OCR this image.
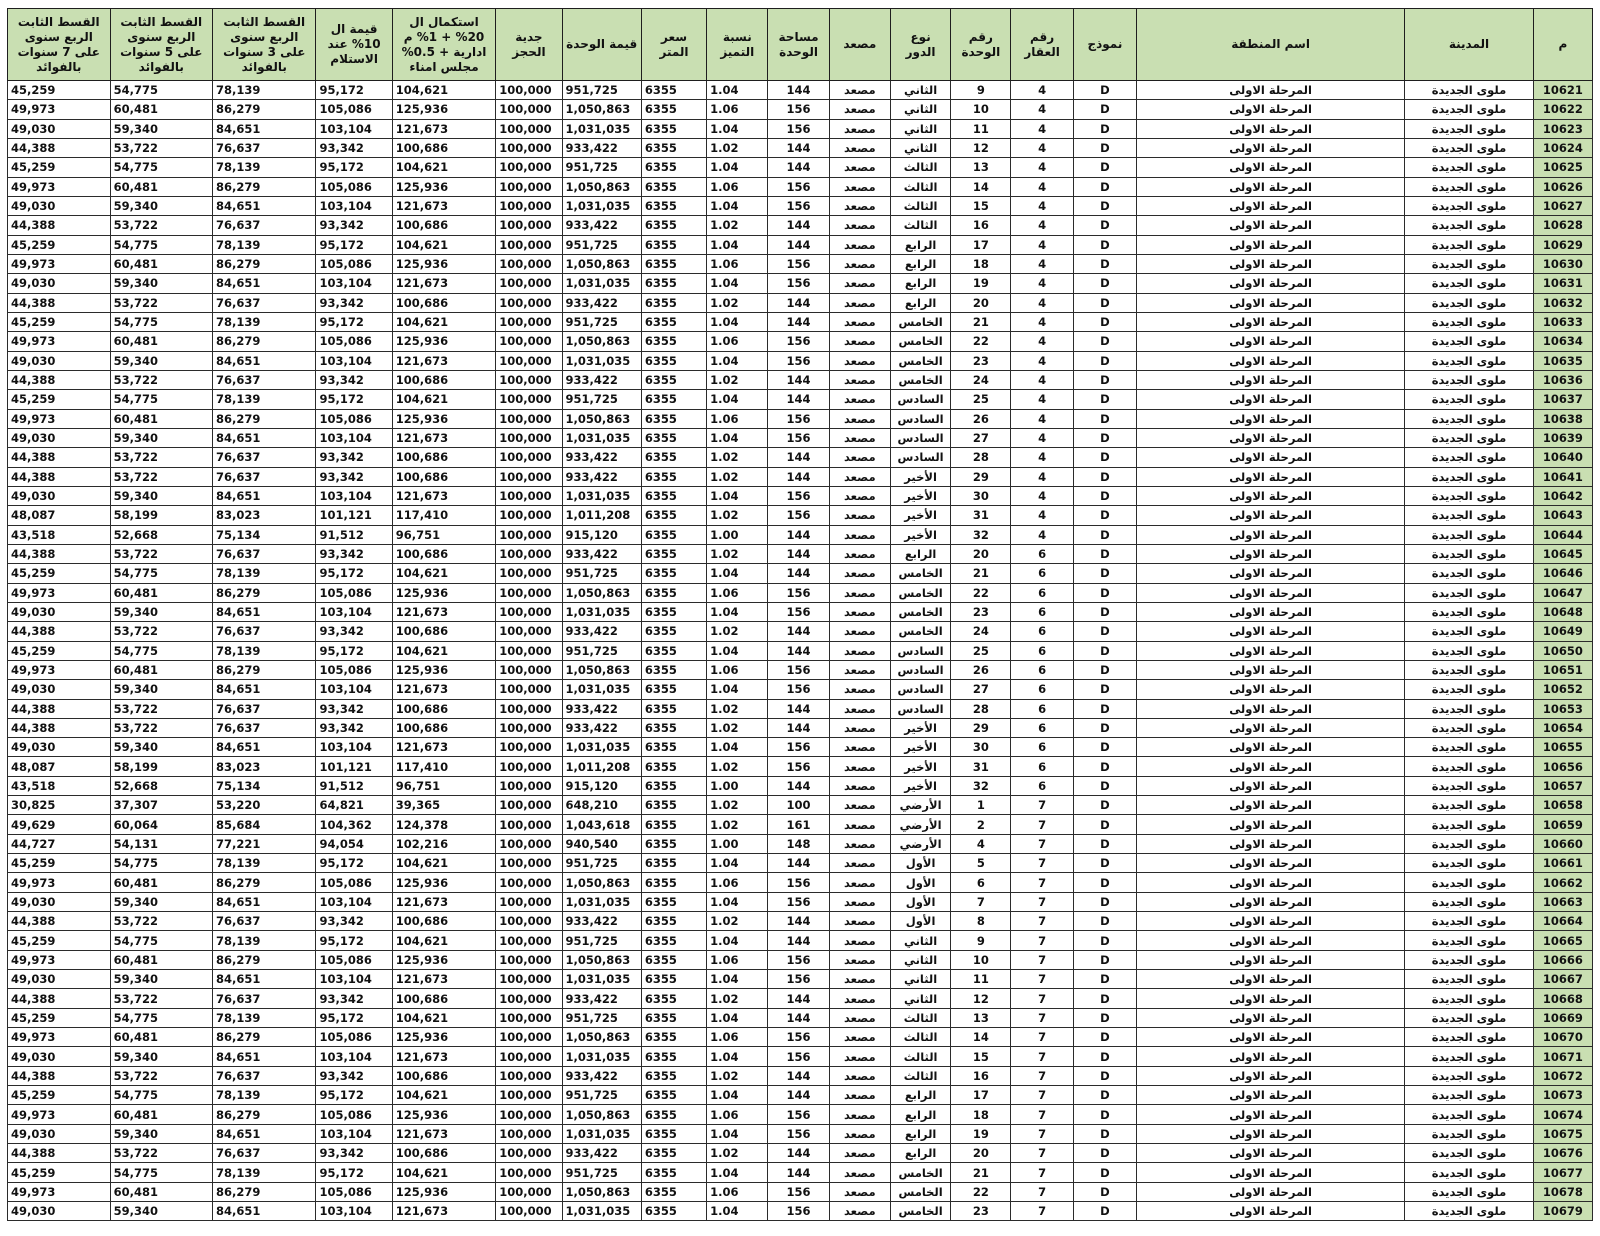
م	المدينة	اسم المنطقة	نموذج	رقم العقار	رقم الوحدة	نوع الدور	مصعد	مساحة الوحدة	نسبة التميز	سعر المتر	قيمة الوحدة	جدية الحجز	استكمال ال 20% + 1% م ادارية + 0.5% مجلس امناء	قيمة ال 10% عند الاستلام	القسط الثابت الربع سنوى على 3 سنوات بالفوائد	القسط الثابت الربع سنوى على 5 سنوات بالفوائد	القسط الثابت الربع سنوى على 7 سنوات بالفوائد
10621	ملوى الجديدة	المرحلة الاولى	D	4	9	الثاني	مصعد	144	1.04	6355	951,725	100,000	104,621	95,172	78,139	54,775	45,259
10622	ملوى الجديدة	المرحلة الاولى	D	4	10	الثاني	مصعد	156	1.06	6355	1,050,863	100,000	125,936	105,086	86,279	60,481	49,973
10623	ملوى الجديدة	المرحلة الاولى	D	4	11	الثاني	مصعد	156	1.04	6355	1,031,035	100,000	121,673	103,104	84,651	59,340	49,030
10624	ملوى الجديدة	المرحلة الاولى	D	4	12	الثاني	مصعد	144	1.02	6355	933,422	100,000	100,686	93,342	76,637	53,722	44,388
10625	ملوى الجديدة	المرحلة الاولى	D	4	13	الثالث	مصعد	144	1.04	6355	951,725	100,000	104,621	95,172	78,139	54,775	45,259
10626	ملوى الجديدة	المرحلة الاولى	D	4	14	الثالث	مصعد	156	1.06	6355	1,050,863	100,000	125,936	105,086	86,279	60,481	49,973
10627	ملوى الجديدة	المرحلة الاولى	D	4	15	الثالث	مصعد	156	1.04	6355	1,031,035	100,000	121,673	103,104	84,651	59,340	49,030
10628	ملوى الجديدة	المرحلة الاولى	D	4	16	الثالث	مصعد	144	1.02	6355	933,422	100,000	100,686	93,342	76,637	53,722	44,388
10629	ملوى الجديدة	المرحلة الاولى	D	4	17	الرابع	مصعد	144	1.04	6355	951,725	100,000	104,621	95,172	78,139	54,775	45,259
10630	ملوى الجديدة	المرحلة الاولى	D	4	18	الرابع	مصعد	156	1.06	6355	1,050,863	100,000	125,936	105,086	86,279	60,481	49,973
10631	ملوى الجديدة	المرحلة الاولى	D	4	19	الرابع	مصعد	156	1.04	6355	1,031,035	100,000	121,673	103,104	84,651	59,340	49,030
10632	ملوى الجديدة	المرحلة الاولى	D	4	20	الرابع	مصعد	144	1.02	6355	933,422	100,000	100,686	93,342	76,637	53,722	44,388
10633	ملوى الجديدة	المرحلة الاولى	D	4	21	الخامس	مصعد	144	1.04	6355	951,725	100,000	104,621	95,172	78,139	54,775	45,259
10634	ملوى الجديدة	المرحلة الاولى	D	4	22	الخامس	مصعد	156	1.06	6355	1,050,863	100,000	125,936	105,086	86,279	60,481	49,973
10635	ملوى الجديدة	المرحلة الاولى	D	4	23	الخامس	مصعد	156	1.04	6355	1,031,035	100,000	121,673	103,104	84,651	59,340	49,030
10636	ملوى الجديدة	المرحلة الاولى	D	4	24	الخامس	مصعد	144	1.02	6355	933,422	100,000	100,686	93,342	76,637	53,722	44,388
10637	ملوى الجديدة	المرحلة الاولى	D	4	25	السادس	مصعد	144	1.04	6355	951,725	100,000	104,621	95,172	78,139	54,775	45,259
10638	ملوى الجديدة	المرحلة الاولى	D	4	26	السادس	مصعد	156	1.06	6355	1,050,863	100,000	125,936	105,086	86,279	60,481	49,973
10639	ملوى الجديدة	المرحلة الاولى	D	4	27	السادس	مصعد	156	1.04	6355	1,031,035	100,000	121,673	103,104	84,651	59,340	49,030
10640	ملوى الجديدة	المرحلة الاولى	D	4	28	السادس	مصعد	144	1.02	6355	933,422	100,000	100,686	93,342	76,637	53,722	44,388
10641	ملوى الجديدة	المرحلة الاولى	D	4	29	الأخير	مصعد	144	1.02	6355	933,422	100,000	100,686	93,342	76,637	53,722	44,388
10642	ملوى الجديدة	المرحلة الاولى	D	4	30	الأخير	مصعد	156	1.04	6355	1,031,035	100,000	121,673	103,104	84,651	59,340	49,030
10643	ملوى الجديدة	المرحلة الاولى	D	4	31	الأخير	مصعد	156	1.02	6355	1,011,208	100,000	117,410	101,121	83,023	58,199	48,087
10644	ملوى الجديدة	المرحلة الاولى	D	4	32	الأخير	مصعد	144	1.00	6355	915,120	100,000	96,751	91,512	75,134	52,668	43,518
10645	ملوى الجديدة	المرحلة الاولى	D	6	20	الرابع	مصعد	144	1.02	6355	933,422	100,000	100,686	93,342	76,637	53,722	44,388
10646	ملوى الجديدة	المرحلة الاولى	D	6	21	الخامس	مصعد	144	1.04	6355	951,725	100,000	104,621	95,172	78,139	54,775	45,259
10647	ملوى الجديدة	المرحلة الاولى	D	6	22	الخامس	مصعد	156	1.06	6355	1,050,863	100,000	125,936	105,086	86,279	60,481	49,973
10648	ملوى الجديدة	المرحلة الاولى	D	6	23	الخامس	مصعد	156	1.04	6355	1,031,035	100,000	121,673	103,104	84,651	59,340	49,030
10649	ملوى الجديدة	المرحلة الاولى	D	6	24	الخامس	مصعد	144	1.02	6355	933,422	100,000	100,686	93,342	76,637	53,722	44,388
10650	ملوى الجديدة	المرحلة الاولى	D	6	25	السادس	مصعد	144	1.04	6355	951,725	100,000	104,621	95,172	78,139	54,775	45,259
10651	ملوى الجديدة	المرحلة الاولى	D	6	26	السادس	مصعد	156	1.06	6355	1,050,863	100,000	125,936	105,086	86,279	60,481	49,973
10652	ملوى الجديدة	المرحلة الاولى	D	6	27	السادس	مصعد	156	1.04	6355	1,031,035	100,000	121,673	103,104	84,651	59,340	49,030
10653	ملوى الجديدة	المرحلة الاولى	D	6	28	السادس	مصعد	144	1.02	6355	933,422	100,000	100,686	93,342	76,637	53,722	44,388
10654	ملوى الجديدة	المرحلة الاولى	D	6	29	الأخير	مصعد	144	1.02	6355	933,422	100,000	100,686	93,342	76,637	53,722	44,388
10655	ملوى الجديدة	المرحلة الاولى	D	6	30	الأخير	مصعد	156	1.04	6355	1,031,035	100,000	121,673	103,104	84,651	59,340	49,030
10656	ملوى الجديدة	المرحلة الاولى	D	6	31	الأخير	مصعد	156	1.02	6355	1,011,208	100,000	117,410	101,121	83,023	58,199	48,087
10657	ملوى الجديدة	المرحلة الاولى	D	6	32	الأخير	مصعد	144	1.00	6355	915,120	100,000	96,751	91,512	75,134	52,668	43,518
10658	ملوى الجديدة	المرحلة الاولى	D	7	1	الأرضي	مصعد	100	1.02	6355	648,210	100,000	39,365	64,821	53,220	37,307	30,825
10659	ملوى الجديدة	المرحلة الاولى	D	7	2	الأرضي	مصعد	161	1.02	6355	1,043,618	100,000	124,378	104,362	85,684	60,064	49,629
10660	ملوى الجديدة	المرحلة الاولى	D	7	4	الأرضي	مصعد	148	1.00	6355	940,540	100,000	102,216	94,054	77,221	54,131	44,727
10661	ملوى الجديدة	المرحلة الاولى	D	7	5	الأول	مصعد	144	1.04	6355	951,725	100,000	104,621	95,172	78,139	54,775	45,259
10662	ملوى الجديدة	المرحلة الاولى	D	7	6	الأول	مصعد	156	1.06	6355	1,050,863	100,000	125,936	105,086	86,279	60,481	49,973
10663	ملوى الجديدة	المرحلة الاولى	D	7	7	الأول	مصعد	156	1.04	6355	1,031,035	100,000	121,673	103,104	84,651	59,340	49,030
10664	ملوى الجديدة	المرحلة الاولى	D	7	8	الأول	مصعد	144	1.02	6355	933,422	100,000	100,686	93,342	76,637	53,722	44,388
10665	ملوى الجديدة	المرحلة الاولى	D	7	9	الثاني	مصعد	144	1.04	6355	951,725	100,000	104,621	95,172	78,139	54,775	45,259
10666	ملوى الجديدة	المرحلة الاولى	D	7	10	الثاني	مصعد	156	1.06	6355	1,050,863	100,000	125,936	105,086	86,279	60,481	49,973
10667	ملوى الجديدة	المرحلة الاولى	D	7	11	الثاني	مصعد	156	1.04	6355	1,031,035	100,000	121,673	103,104	84,651	59,340	49,030
10668	ملوى الجديدة	المرحلة الاولى	D	7	12	الثاني	مصعد	144	1.02	6355	933,422	100,000	100,686	93,342	76,637	53,722	44,388
10669	ملوى الجديدة	المرحلة الاولى	D	7	13	الثالث	مصعد	144	1.04	6355	951,725	100,000	104,621	95,172	78,139	54,775	45,259
10670	ملوى الجديدة	المرحلة الاولى	D	7	14	الثالث	مصعد	156	1.06	6355	1,050,863	100,000	125,936	105,086	86,279	60,481	49,973
10671	ملوى الجديدة	المرحلة الاولى	D	7	15	الثالث	مصعد	156	1.04	6355	1,031,035	100,000	121,673	103,104	84,651	59,340	49,030
10672	ملوى الجديدة	المرحلة الاولى	D	7	16	الثالث	مصعد	144	1.02	6355	933,422	100,000	100,686	93,342	76,637	53,722	44,388
10673	ملوى الجديدة	المرحلة الاولى	D	7	17	الرابع	مصعد	144	1.04	6355	951,725	100,000	104,621	95,172	78,139	54,775	45,259
10674	ملوى الجديدة	المرحلة الاولى	D	7	18	الرابع	مصعد	156	1.06	6355	1,050,863	100,000	125,936	105,086	86,279	60,481	49,973
10675	ملوى الجديدة	المرحلة الاولى	D	7	19	الرابع	مصعد	156	1.04	6355	1,031,035	100,000	121,673	103,104	84,651	59,340	49,030
10676	ملوى الجديدة	المرحلة الاولى	D	7	20	الرابع	مصعد	144	1.02	6355	933,422	100,000	100,686	93,342	76,637	53,722	44,388
10677	ملوى الجديدة	المرحلة الاولى	D	7	21	الخامس	مصعد	144	1.04	6355	951,725	100,000	104,621	95,172	78,139	54,775	45,259
10678	ملوى الجديدة	المرحلة الاولى	D	7	22	الخامس	مصعد	156	1.06	6355	1,050,863	100,000	125,936	105,086	86,279	60,481	49,973
10679	ملوى الجديدة	المرحلة الاولى	D	7	23	الخامس	مصعد	156	1.04	6355	1,031,035	100,000	121,673	103,104	84,651	59,340	49,030
